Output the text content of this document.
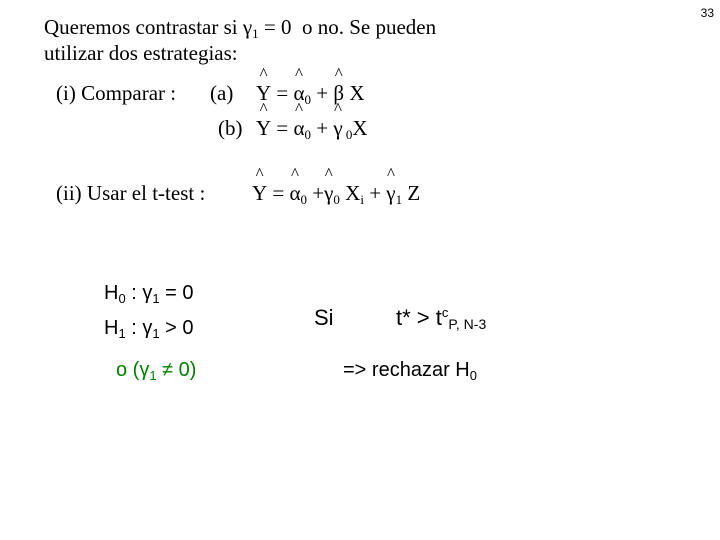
33
Queremos contrastar si $\gamma_1 = 0$  o no. Se pueden
utilizar dos estrategias:
(i) Comparar : (a) ^ Y = ^ $\alpha_0$ + ^ β X
(b) ^ Y = ^ $\alpha_0$ + ^ γ $_0$X
(ii) Usar el t-test : ^ Y = ^ $\alpha_0$ +^ $\gamma_0$ $X_i$ + ^ $\gamma_1$ Z
$H_0$ : $\gamma_1 = 0$
$H_1$ : $\gamma_1 > 0$
o $(\gamma_1 \ne 0)$
Si	$t* > t^c_{P, N-3}$
=> rechazar $H_0$
